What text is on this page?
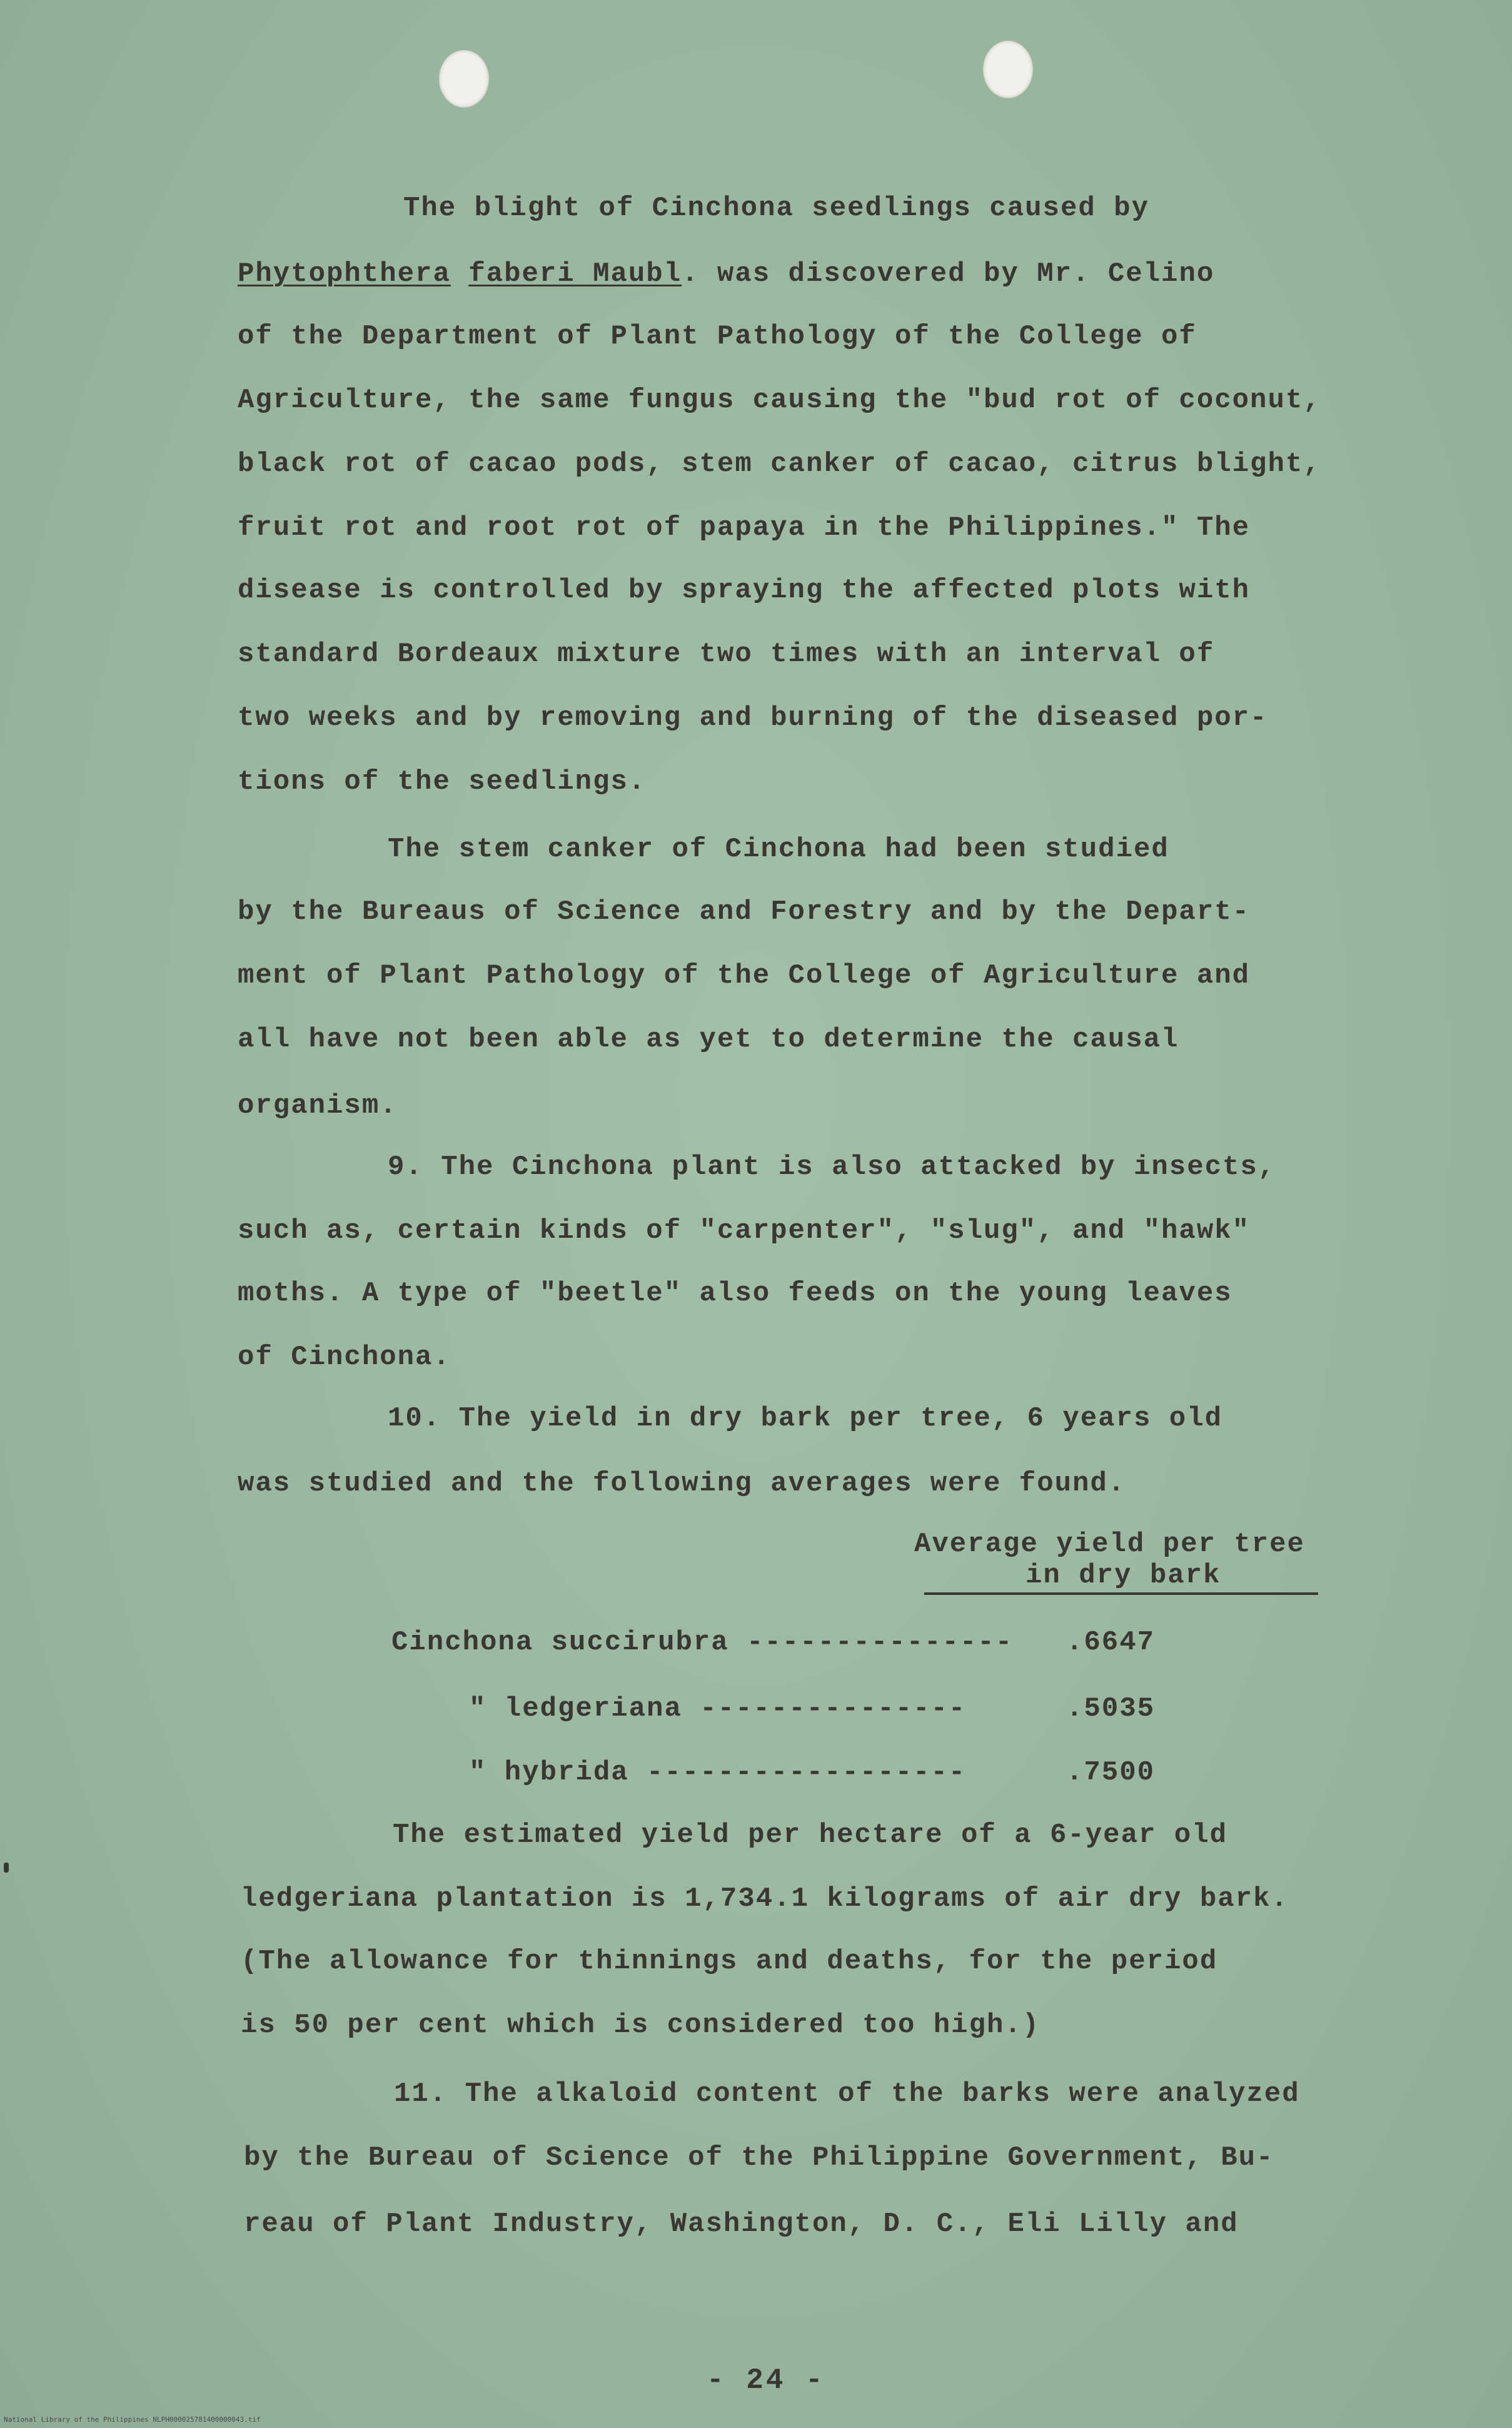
The blight of Cinchona seedlings caused by
Phytophthera faberi Maubl. was discovered by Mr. Celino
of the Department of Plant Pathology of the College of
Agriculture, the same fungus causing the "bud rot of coconut,
black rot of cacao pods, stem canker of cacao, citrus blight,
fruit rot and root rot of papaya in the Philippines." The
disease is controlled by spraying the affected plots with
standard Bordeaux mixture two times with an interval of
two weeks and by removing and burning of the diseased por-
tions of the seedlings.
The stem canker of Cinchona had been studied
by the Bureaus of Science and Forestry and by the Depart-
ment of Plant Pathology of the College of Agriculture and
all have not been able as yet to determine the causal
organism.
9. The Cinchona plant is also attacked by insects,
such as, certain kinds of "carpenter", "slug", and "hawk"
moths. A type of "beetle" also feeds on the young leaves
of Cinchona.
10. The yield in dry bark per tree, 6 years old
was studied and the following averages were found.
Average yield per tree
in dry bark
Cinchona succirubra --------------- .6647
" ledgeriana ---------------	.5035
" hybrida ------------------	.7500
The estimated yield per hectare of a 6-year old
ledgeriana plantation is 1,734.1 kilograms of air dry bark.
(The allowance for thinnings and deaths, for the period
is 50 per cent which is considered too high.)
11. The alkaloid content of the barks were analyzed
by the Bureau of Science of the Philippine Government, Bu-
reau of Plant Industry, Washington, D. C., Eli Lilly and
- 24 -
National Library of the Philippines NLPH000025781400000043.tif
